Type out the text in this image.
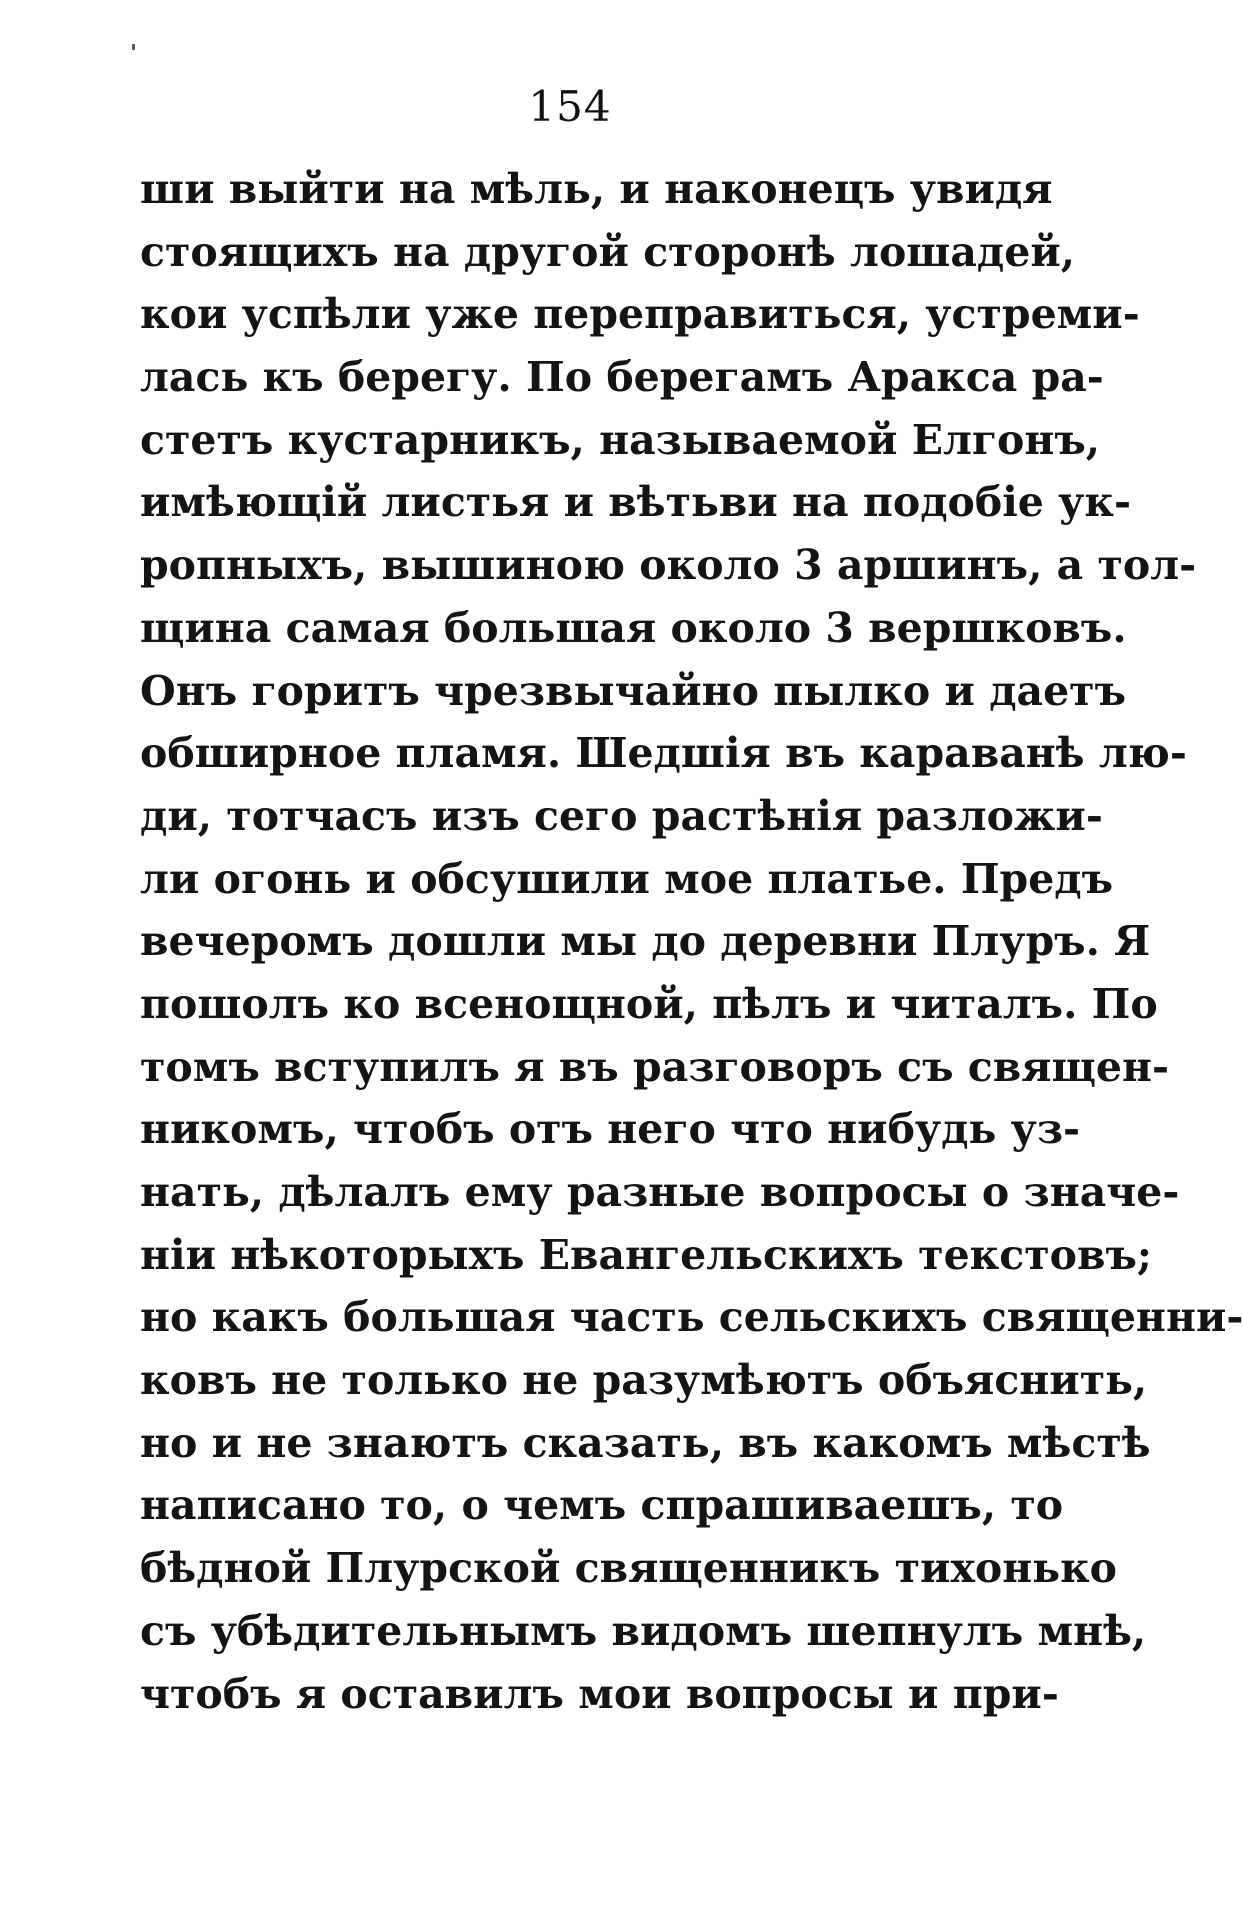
154
ши выйти на мѣль, и наконецъ увидя
стоящихъ на другой сторонѣ лошадей,
кои успѣли уже переправиться, устреми-
лась къ берегу. По берегамъ Аракса ра-
стетъ кустарникъ, называемой Елгонъ,
имѣющій листья и вѣтьви на подобіе ук-
ропныхъ, вышиною около 3 аршинъ, а тол-
щина самая большая около 3 вершковъ.
Онъ горитъ чрезвычайно пылко и даетъ
обширное пламя. Шедшія въ караванѣ лю-
ди, тотчасъ изъ сего растѣнія разложи-
ли огонь и обсушили мое платье. Предъ
вечеромъ дошли мы до деревни Плуръ. Я
пошолъ ко всенощной, пѣлъ и читалъ. По
томъ вступилъ я въ разговоръ съ священ-
никомъ, чтобъ отъ него что нибудь уз-
нать, дѣлалъ ему разные вопросы о значе-
ніи нѣкоторыхъ Евангельскихъ текстовъ;
но какъ большая часть сельскихъ священни-
ковъ не только не разумѣютъ объяснить,
но и не знаютъ сказать, въ какомъ мѣстѣ
написано то, о чемъ спрашиваешъ, то
бѣдной Плурской священникъ тихонько
съ убѣдительнымъ видомъ шепнулъ мнѣ,
чтобъ я оставилъ мои вопросы и при-
